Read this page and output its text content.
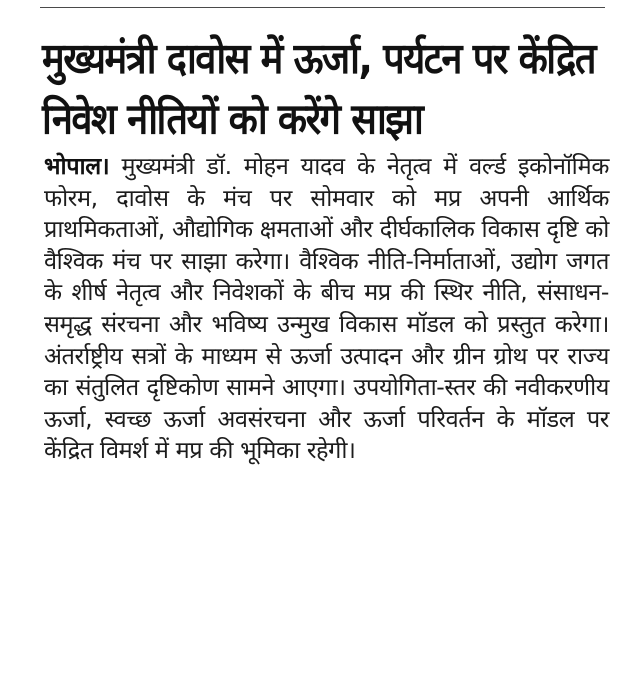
मुख्यमंत्री दावोस में ऊर्जा, पर्यटन पर केंद्रित निवेश नीतियों को करेंगे साझा

भोपाल। मुख्यमंत्री डॉ. मोहन यादव के नेतृत्व में वर्ल्ड इकोनॉमिक फोरम, दावोस के मंच पर सोमवार को मप्र अपनी आर्थिक प्राथमिकताओं, औद्योगिक क्षमताओं और दीर्घकालिक विकास दृष्टि को वैश्विक मंच पर साझा करेगा। वैश्विक नीति-निर्माताओं, उद्योग जगत के शीर्ष नेतृत्व और निवेशकों के बीच मप्र की स्थिर नीति, संसाधन-समृद्ध संरचना और भविष्य उन्मुख विकास मॉडल को प्रस्तुत करेगा। अंतर्राष्ट्रीय सत्रों के माध्यम से ऊर्जा उत्पादन और ग्रीन ग्रोथ पर राज्य का संतुलित दृष्टिकोण सामने आएगा। उपयोगिता-स्तर की नवीकरणीय ऊर्जा, स्वच्छ ऊर्जा अवसंरचना और ऊर्जा परिवर्तन के मॉडल पर केंद्रित विमर्श में मप्र की भूमिका रहेगी।
